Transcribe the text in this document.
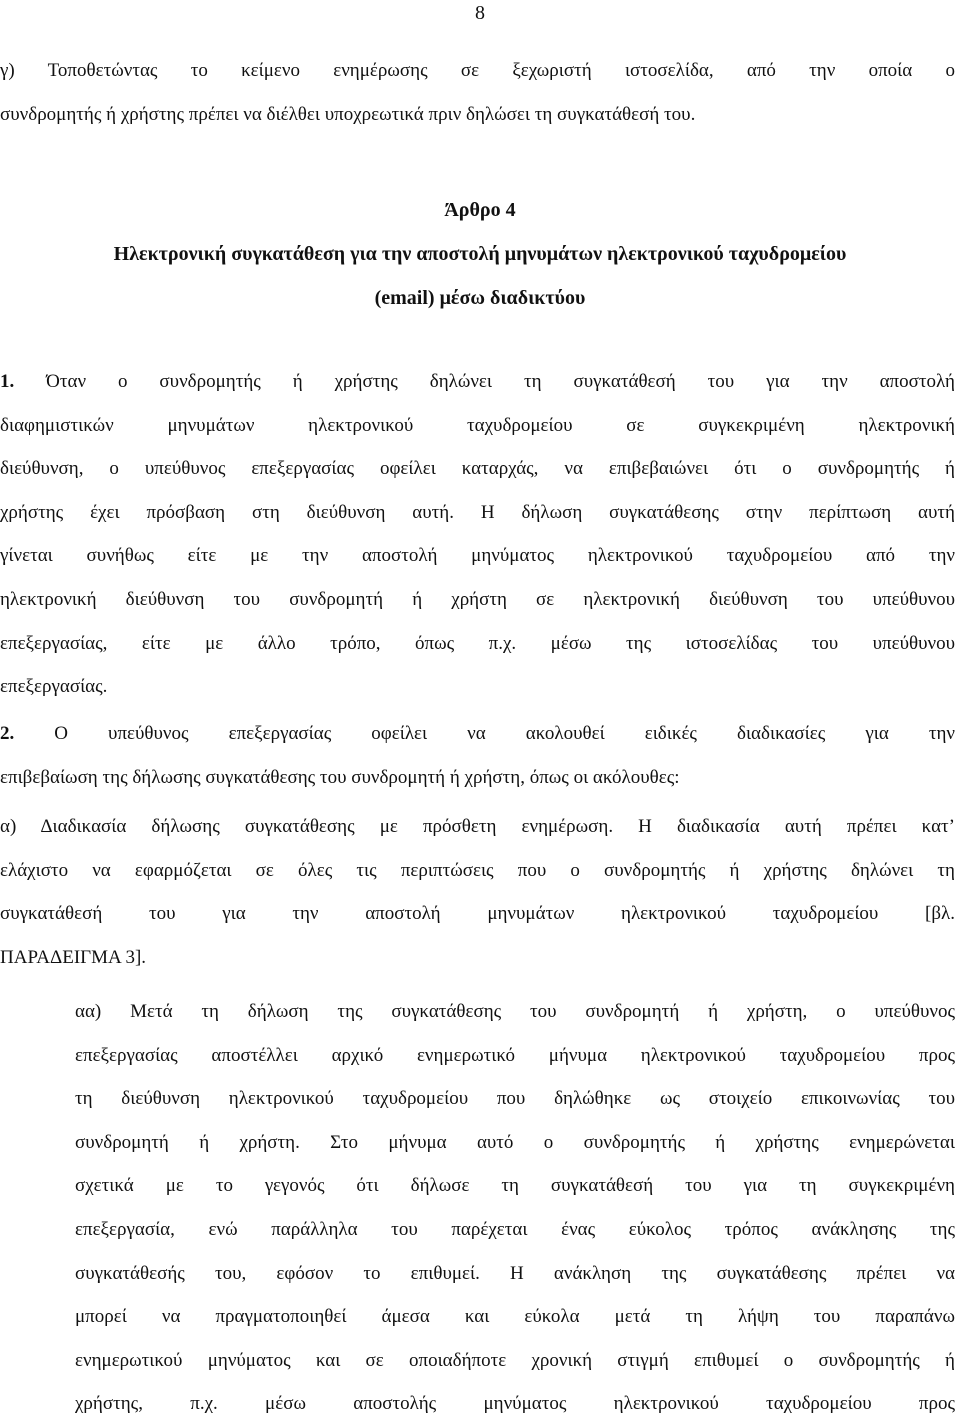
8
γ) Τοποθετώντας το κείμενο ενημέρωσης σε ξεχωριστή ιστοσελίδα, από την οποία ο
συνδρομητής ή χρήστης πρέπει να διέλθει υποχρεωτικά πριν δηλώσει τη συγκατάθεσή του.

Άρθρο 4

Ηλεκτρονική συγκατάθεση για την αποστολή μηνυμάτων ηλεκτρονικού ταχυδρομείου

(email) μέσω διαδικτύου

1. Όταν ο συνδρομητής ή χρήστης δηλώνει τη συγκατάθεσή του για την αποστολή
διαφημιστικών μηνυμάτων ηλεκτρονικού ταχυδρομείου σε συγκεκριμένη ηλεκτρονική
διεύθυνση, ο υπεύθυνος επεξεργασίας οφείλει καταρχάς, να επιβεβαιώνει ότι ο συνδρομητής ή
χρήστης έχει πρόσβαση στη διεύθυνση αυτή. Η δήλωση συγκατάθεσης στην περίπτωση αυτή
γίνεται συνήθως είτε με την αποστολή μηνύματος ηλεκτρονικού ταχυδρομείου από την
ηλεκτρονική διεύθυνση του συνδρομητή ή χρήστη σε ηλεκτρονική διεύθυνση του υπεύθυνου
επεξεργασίας, είτε με άλλο τρόπο, όπως π.χ. μέσω της ιστοσελίδας του υπεύθυνου
επεξεργασίας.
2. Ο υπεύθυνος επεξεργασίας οφείλει να ακολουθεί ειδικές διαδικασίες για την
επιβεβαίωση της δήλωσης συγκατάθεσης του συνδρομητή ή χρήστη, όπως οι ακόλουθες:
α) Διαδικασία δήλωσης συγκατάθεσης με πρόσθετη ενημέρωση. Η διαδικασία αυτή πρέπει κατ’
ελάχιστο να εφαρμόζεται σε όλες τις περιπτώσεις που ο συνδρομητής ή χρήστης δηλώνει τη
συγκατάθεσή του για την αποστολή μηνυμάτων ηλεκτρονικού ταχυδρομείου [βλ.
ΠΑΡΑΔΕΙΓΜΑ 3].
αα) Μετά τη δήλωση της συγκατάθεσης του συνδρομητή ή χρήστη, ο υπεύθυνος
επεξεργασίας αποστέλλει αρχικό ενημερωτικό μήνυμα ηλεκτρονικού ταχυδρομείου προς
τη διεύθυνση ηλεκτρονικού ταχυδρομείου που δηλώθηκε ως στοιχείο επικοινωνίας του
συνδρομητή ή χρήστη. Στο μήνυμα αυτό ο συνδρομητής ή χρήστης ενημερώνεται
σχετικά με το γεγονός ότι δήλωσε τη συγκατάθεσή του για τη συγκεκριμένη
επεξεργασία, ενώ παράλληλα του παρέχεται ένας εύκολος τρόπος ανάκλησης της
συγκατάθεσής του, εφόσον το επιθυμεί. Η ανάκληση της συγκατάθεσης πρέπει να
μπορεί να πραγματοποιηθεί άμεσα και εύκολα μετά τη λήψη του παραπάνω
ενημερωτικού μηνύματος και σε οποιαδήποτε χρονική στιγμή επιθυμεί ο συνδρομητής ή
χρήστης, π.χ. μέσω αποστολής μηνύματος ηλεκτρονικού ταχυδρομείου προς
